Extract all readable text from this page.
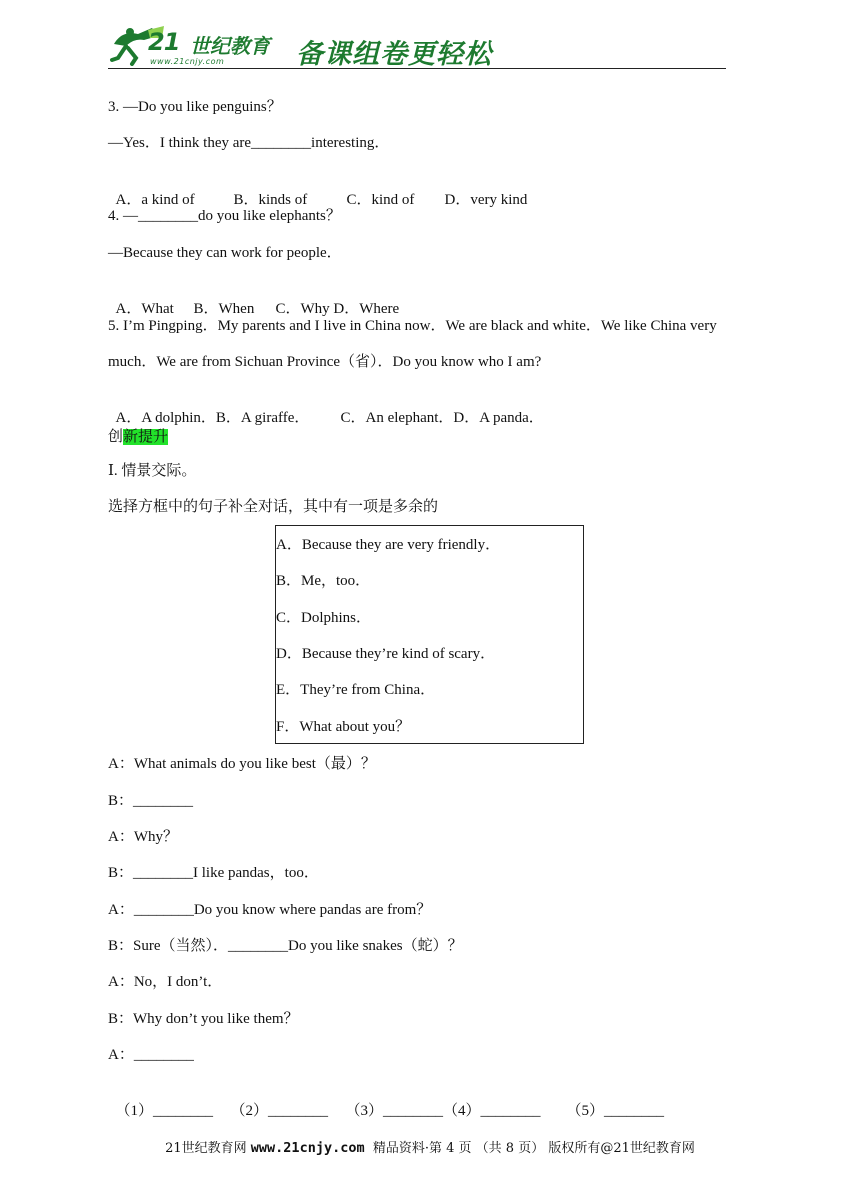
21 世纪教育
www.21cnjy.com	备课组卷更轻松
3. —Do you like penguins？
—Yes．I think they are________interesting．

A．a kind of	B．kinds of	C．kind of D．very kind

4. —________do you like elephants？
—Because they can work for people．

A．What B．When C．Why D．Where

5. I’m Pingping．My parents and I live in China now．We are black and white．We like China very
much．We are from Sichuan Province（省）．Do you know who I am?

A．A dolphin．B．A giraffe． C．An elephant．D．A panda．

创新提升
Ⅰ. 情景交际。
选择方框中的句子补全对话，其中有一项是多余的
A．Because they are very friendly．
B．Me，too．
C．Dolphins．
D．Because they’re kind of scary．
E．They’re from China．
F．What about you？
A：What animals do you like best（最）？
B：________
A：Why？
B：________I like pandas，too．
A：________Do you know where pandas are from？
B：Sure（当然）．________Do you like snakes（蛇）？
A：No，I don’t．
B：Why don’t you like them？
A：________

（1）________ （2）________ （3）________（4）________ （5）________

21世纪教育网 www.21cnjy.com  精品资料·第 4 页 （共 8 页） 版权所有@21世纪教育网
